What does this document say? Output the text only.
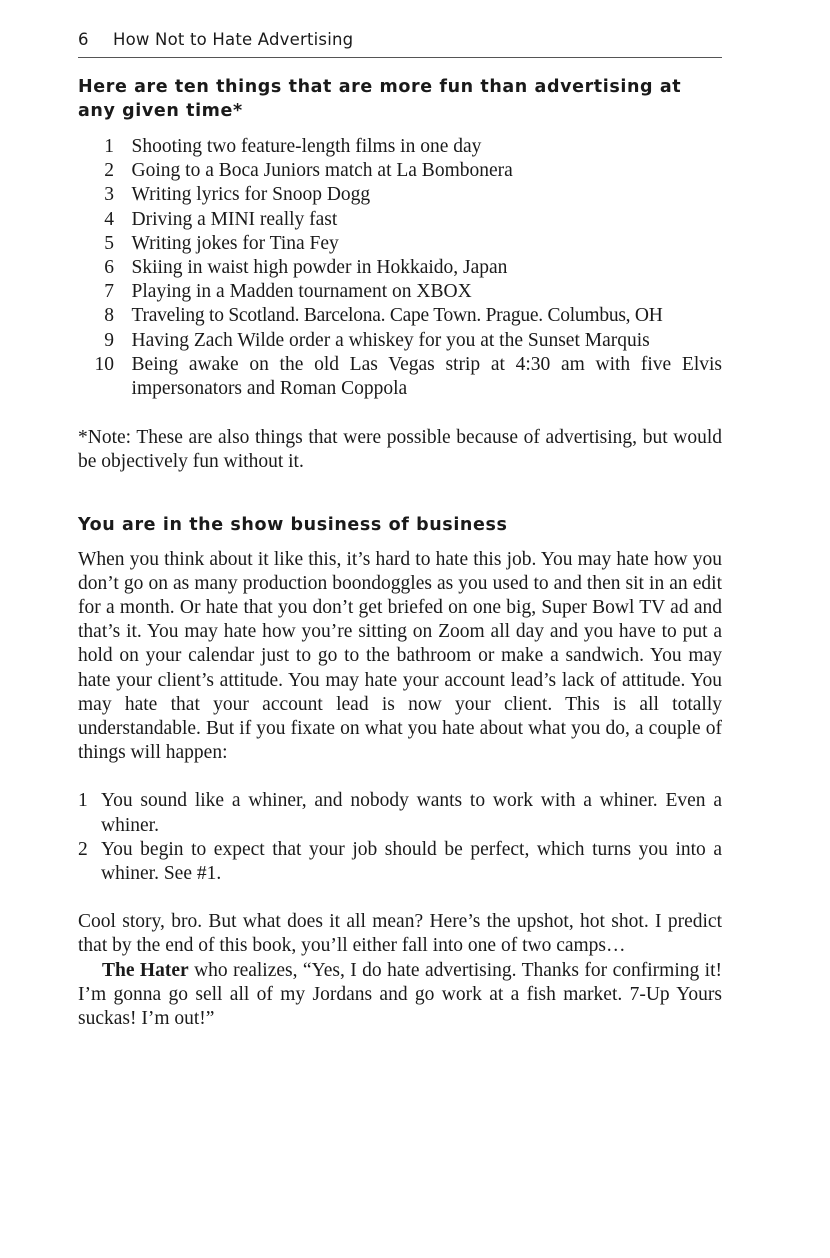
6 How Not to Hate Advertising
Here are ten things that are more fun than advertising at any given time*
1 Shooting two feature-length films in one day
2 Going to a Boca Juniors match at La Bombonera
3 Writing lyrics for Snoop Dogg
4 Driving a MINI really fast
5 Writing jokes for Tina Fey
6 Skiing in waist high powder in Hokkaido, Japan
7 Playing in a Madden tournament on XBOX
8 Traveling to Scotland. Barcelona. Cape Town. Prague. Columbus, OH
9 Having Zach Wilde order a whiskey for you at the Sunset Marquis
10 Being awake on the old Las Vegas strip at 4:30 am with five Elvis impersonators and Roman Coppola

*Note: These are also things that were possible because of advertising, but would be objectively fun without it.

You are in the show business of business

When you think about it like this, it’s hard to hate this job. You may hate how you don’t go on as many production boondoggles as you used to and then sit in an edit for a month. Or hate that you don’t get briefed on one big, Super Bowl TV ad and that’s it. You may hate how you’re sitting on Zoom all day and you have to put a hold on your calendar just to go to the bathroom or make a sandwich. You may hate your client’s attitude. You may hate your account lead’s lack of attitude. You may hate that your account lead is now your client. This is all totally understandable. But if you fixate on what you hate about what you do, a couple of things will happen:

1 You sound like a whiner, and nobody wants to work with a whiner. Even a whiner.
2 You begin to expect that your job should be perfect, which turns you into a whiner. See #1.

Cool story, bro. But what does it all mean? Here’s the upshot, hot shot. I predict that by the end of this book, you’ll either fall into one of two camps…

The Hater who realizes, “Yes, I do hate advertising. Thanks for confirming it! I’m gonna go sell all of my Jordans and go work at a fish market. 7-Up Yours suckas! I’m out!”
